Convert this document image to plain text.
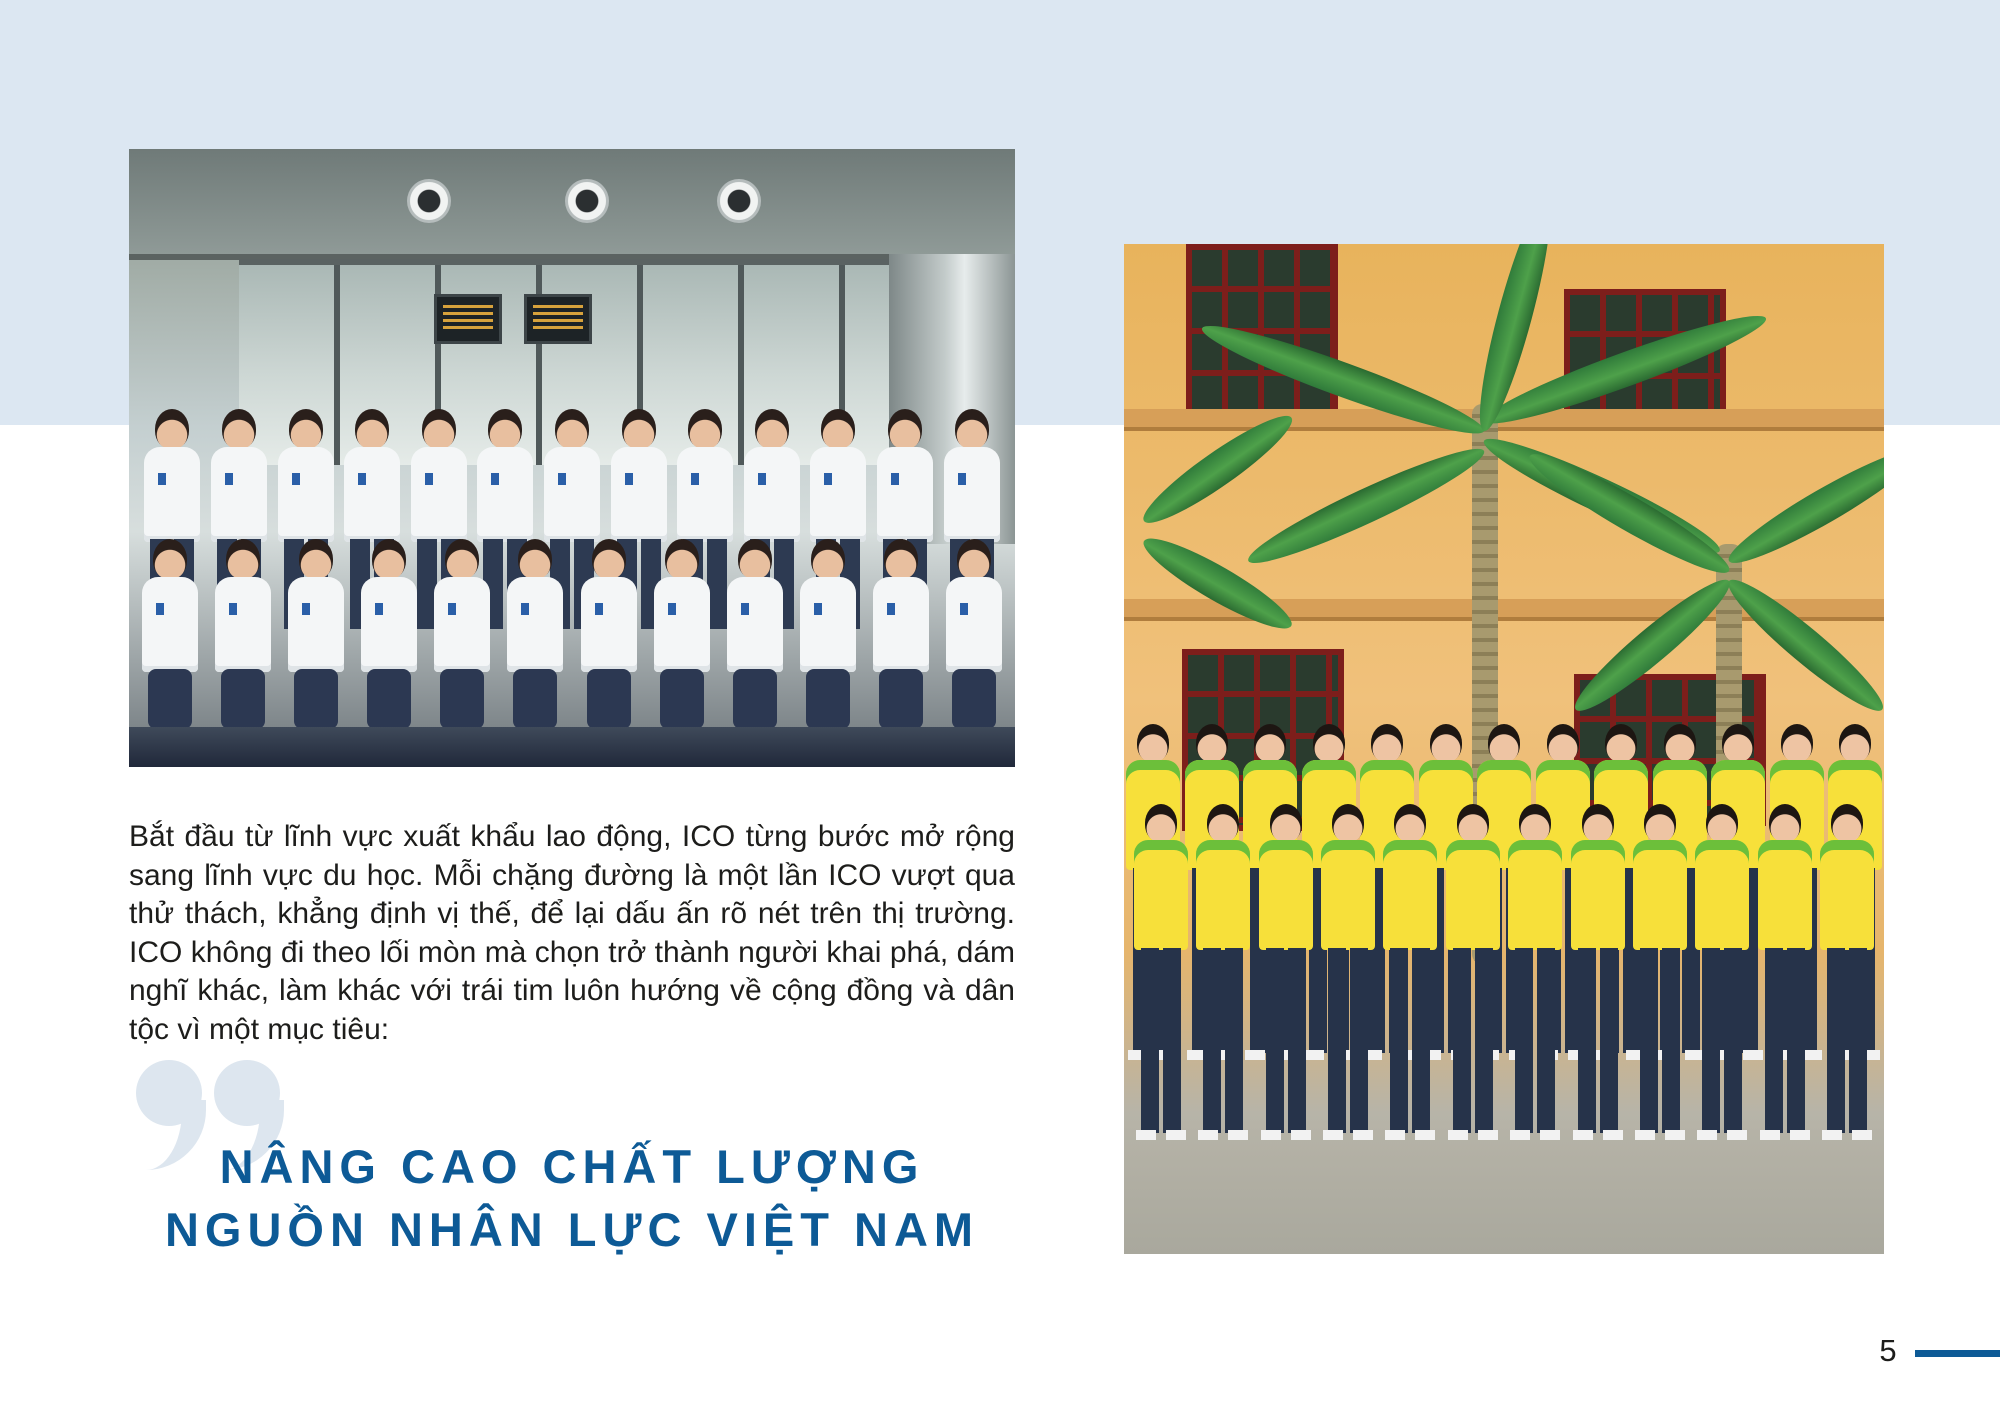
Bắt đầu từ lĩnh vực xuất khẩu lao động, ICO từng bước mở rộng sang lĩnh vực du học. Mỗi chặng đường là một lần ICO vượt qua thử thách, khẳng định vị thế, để lại dấu ấn rõ nét trên thị trường. ICO không đi theo lối mòn mà chọn trở thành người khai phá, dám nghĩ khác, làm khác với trái tim luôn hướng về cộng đồng và dân tộc vì một mục tiêu:

NÂNG CAO CHẤT LƯỢNG
NGUỒN NHÂN LỰC VIỆT NAM
5
